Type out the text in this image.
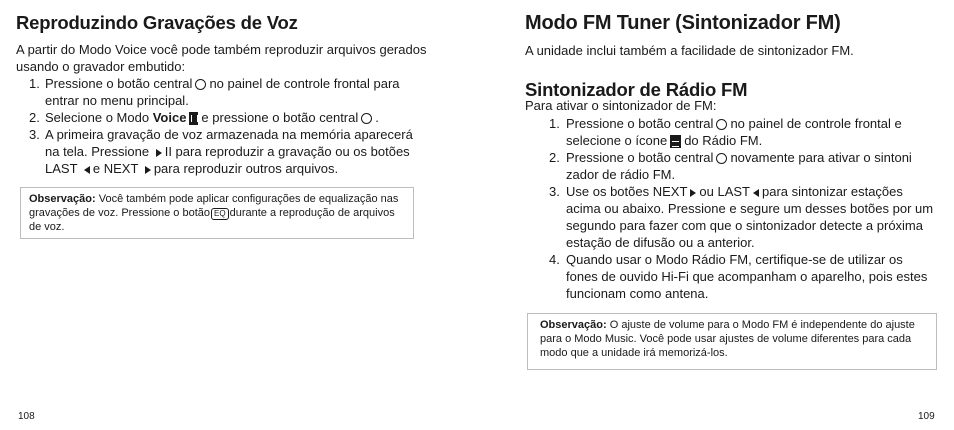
Reproduzindo Gravações de Voz

A partir do Modo Voice você pode também reproduzir arquivos gerados usando o gravador embutido:

1. Pressione o botão central no painel de controle frontal para entrar no menu principal.
2. Selecione o Modo Voice e pressione o botão central .
3. A primeira gravação de voz armazenada na memória aparecerá na tela. Pressione II para reproduzir a gravação ou os botões LAST e NEXT para reproduzir outros arquivos.
Observação: Você também pode aplicar configurações de equalização nas gravações de voz. Pressione o botão EQ durante a reprodução de arquivos de voz.
108
Modo FM Tuner (Sintonizador FM)

A unidade inclui também a facilidade de sintonizador FM.

Sintonizador de Rádio FM

Para ativar o sintonizador de FM:

1. Pressione o botão central no painel de controle frontal e selecione o ícone do Rádio FM.
2. Pressione o botão central novamente para ativar o sintoni zador de rádio FM.
3. Use os botões NEXT ou LAST para sintonizar estações acima ou abaixo. Pressione e segure um desses botões por um segundo para fazer com que o sintonizador detecte a próxima estação de difusão ou a anterior.
4. Quando usar o Modo Rádio FM, certifique-se de utilizar os fones de ouvido Hi-Fi que acompanham o aparelho, pois estes funcionam como antena.
Observação: O ajuste de volume para o Modo FM é independente do ajuste para o Modo Music. Você pode usar ajustes de volume diferentes para cada modo que a unidade irá memorizá-los.
109
